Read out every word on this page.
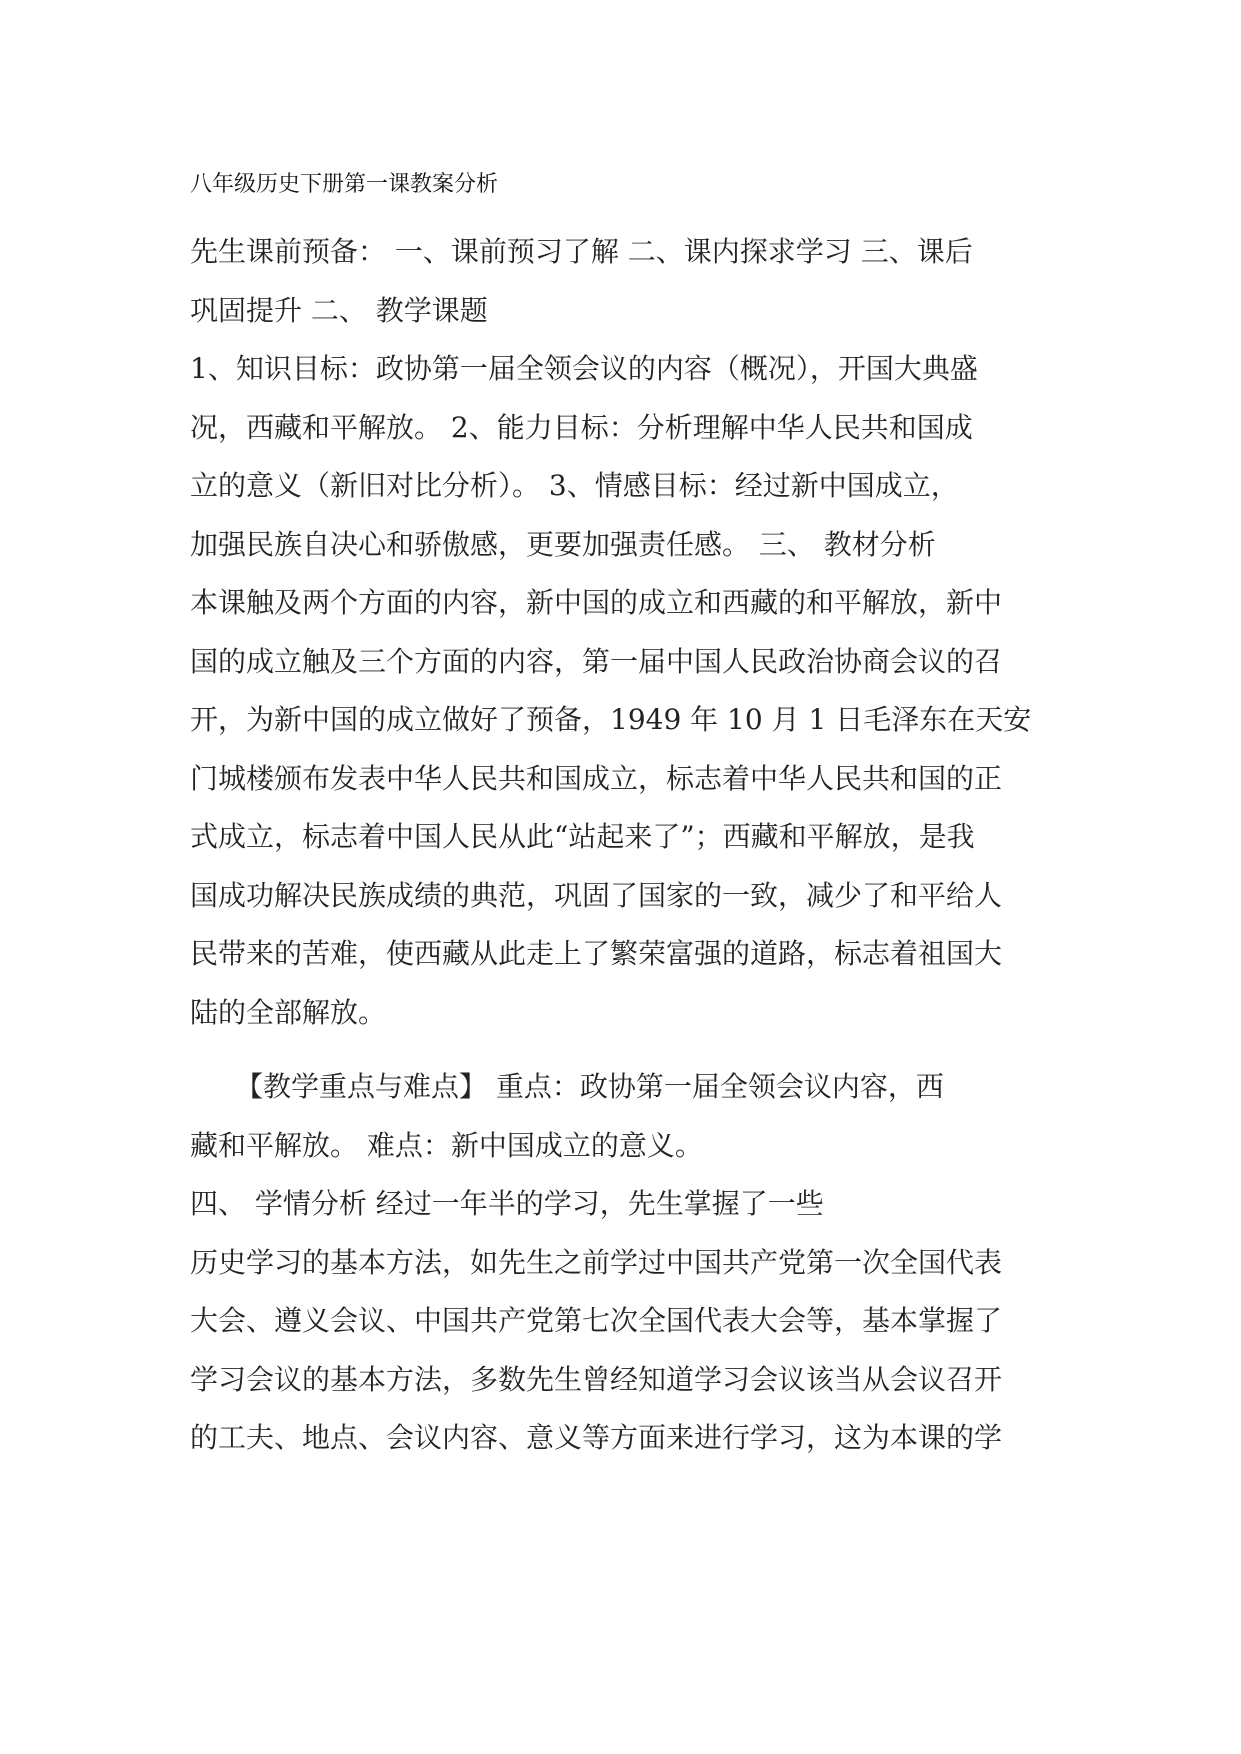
八年级历史下册第一课教案分析
先生课前预备： 一、课前预习了解 二、课内探求学习 三、课后
巩固提升 二、 教学课题
1、知识目标：政协第一届全领会议的内容（概况），开国大典盛
况，西藏和平解放。 2、能力目标：分析理解中华人民共和国成
立的意义（新旧对比分析）。 3、情感目标：经过新中国成立，
加强民族自决心和骄傲感，更要加强责任感。 三、 教材分析
本课触及两个方面的内容，新中国的成立和西藏的和平解放，新中
国的成立触及三个方面的内容，第一届中国人民政治协商会议的召
开，为新中国的成立做好了预备，1949 年 10 月 1 日毛泽东在天安
门城楼颁布发表中华人民共和国成立，标志着中华人民共和国的正
式成立，标志着中国人民从此“站起来了”；西藏和平解放，是我
国成功解决民族成绩的典范，巩固了国家的一致，减少了和平给人
民带来的苦难，使西藏从此走上了繁荣富强的道路，标志着祖国大
陆的全部解放。
【教学重点与难点】 重点：政协第一届全领会议内容，西
藏和平解放。 难点：新中国成立的意义。
四、 学情分析 经过一年半的学习，先生掌握了一些
历史学习的基本方法，如先生之前学过中国共产党第一次全国代表
大会、遵义会议、中国共产党第七次全国代表大会等，基本掌握了
学习会议的基本方法，多数先生曾经知道学习会议该当从会议召开
的工夫、地点、会议内容、意义等方面来进行学习，这为本课的学
